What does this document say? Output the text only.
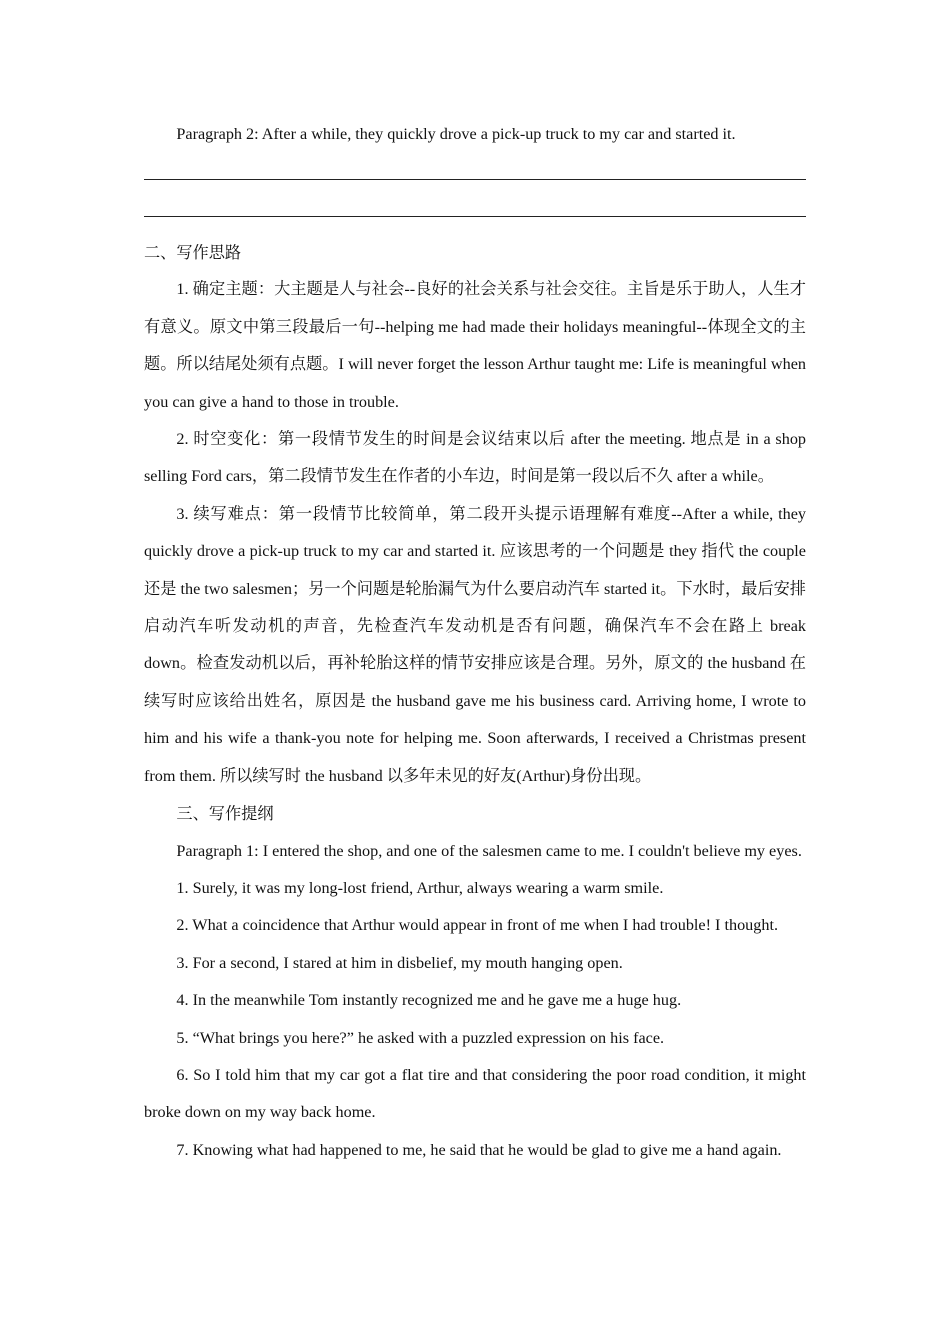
Paragraph 2: After a while, they quickly drove a pick-up truck to my car and started it.

二、写作思路

1. 确定主题：大主题是人与社会--良好的社会关系与社会交往。主旨是乐于助人，人生才有意义。原文中第三段最后一句--helping me had made their holidays meaningful--体现全文的主题。所以结尾处须有点题。I will never forget the lesson Arthur taught me: Life is meaningful when you can give a hand to those in trouble.

2. 时空变化：第一段情节发生的时间是会议结束以后 after the meeting. 地点是 in a shop selling Ford cars，第二段情节发生在作者的小车边，时间是第一段以后不久 after a while。

3. 续写难点：第一段情节比较简单，第二段开头提示语理解有难度--After a while, they quickly drove a pick-up truck to my car and started it. 应该思考的一个问题是 they 指代 the couple 还是 the two salesmen；另一个问题是轮胎漏气为什么要启动汽车 started it。下水时，最后安排启动汽车听发动机的声音，先检查汽车发动机是否有问题，确保汽车不会在路上 break down。检查发动机以后，再补轮胎这样的情节安排应该是合理。另外，原文的 the husband 在续写时应该给出姓名，原因是 the husband gave me his business card. Arriving home, I wrote to him and his wife a thank-you note for helping me. Soon afterwards, I received a Christmas present from them. 所以续写时 the husband 以多年未见的好友(Arthur)身份出现。

三、写作提纲

Paragraph 1: I entered the shop, and one of the salesmen came to me. I couldn't believe my eyes.

1. Surely, it was my long-lost friend, Arthur, always wearing a warm smile.

2. What a coincidence that Arthur would appear in front of me when I had trouble! I thought.

3. For a second, I stared at him in disbelief, my mouth hanging open.

4. In the meanwhile Tom instantly recognized me and he gave me a huge hug.

5. “What brings you here?” he asked with a puzzled expression on his face.

6. So I told him that my car got a flat tire and that considering the poor road condition, it might broke down on my way back home.

7. Knowing what had happened to me, he said that he would be glad to give me a hand again.
